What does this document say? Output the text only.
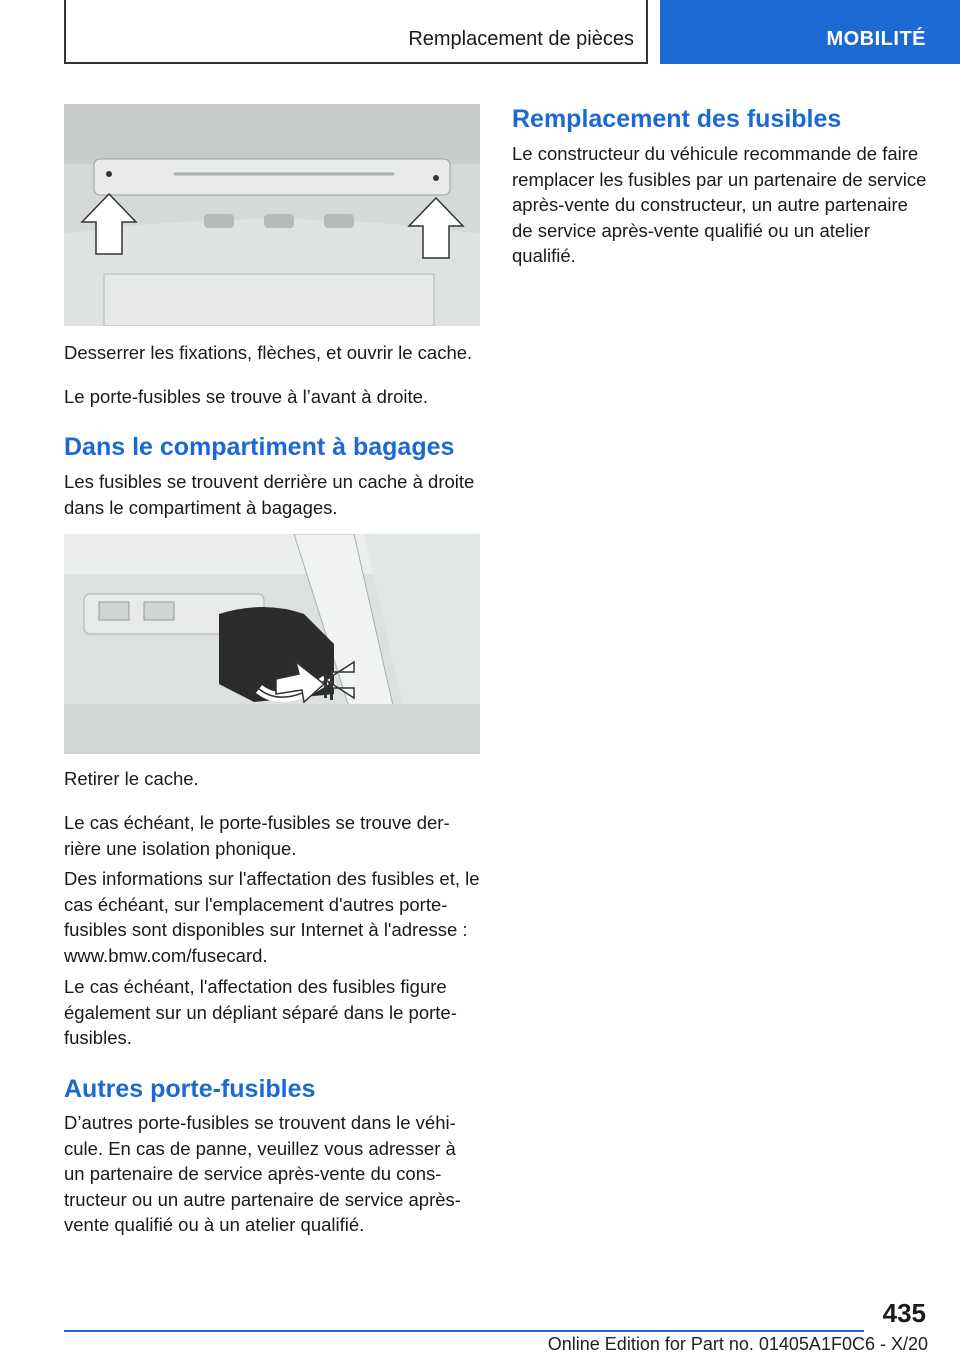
Remplacement de pièces	MOBILITÉ

Desserrer les fixations, flèches, et ouvrir le cache.

Le porte-fusibles se trouve à l’avant à droite.

Dans le compartiment à bagages

Les fusibles se trouvent derrière un cache à droite dans le compartiment à bagages.

Retirer le cache.

Le cas échéant, le porte-fusibles se trouve derrière une isolation phonique.

Des informations sur l'affectation des fusibles et, le cas échéant, sur l'emplacement d'autres porte-fusibles sont disponibles sur Internet à l'adresse : www.bmw.com/fusecard.

Le cas échéant, l'affectation des fusibles figure également sur un dépliant séparé dans le porte-fusibles.

Autres porte-fusibles

D’autres porte-fusibles se trouvent dans le véhicule. En cas de panne, veuillez vous adresser à un partenaire de service après-vente du constructeur ou un autre partenaire de service après-vente qualifié ou à un atelier qualifié.

Remplacement des fusibles

Le constructeur du véhicule recommande de faire remplacer les fusibles par un partenaire de service après-vente du constructeur, un autre partenaire de service après-vente qualifié ou un atelier qualifié.

435
Online Edition for Part no. 01405A1F0C6 - X/20
